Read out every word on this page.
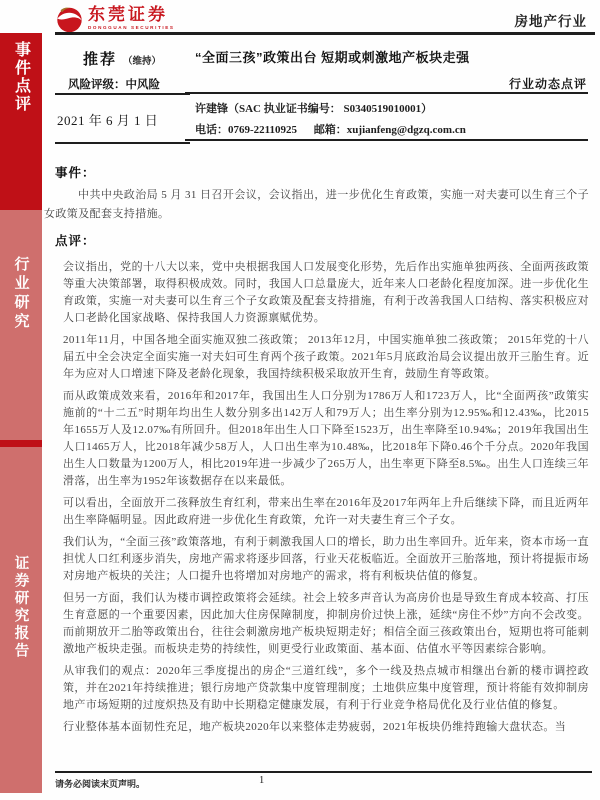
事件点评
行业研究
证券研究报告
东莞证券
DONGGUAN SECURITIES	房地产行业
推荐 （维持）	“全面三孩”政策出台 短期或刺激地产板块走强
风险评级：中风险	行业动态点评
2021 年 6 月 1 日
许建锋（SAC 执业证书编号： S0340519010001）
电话：0769-22110925 邮箱：xujianfeng@dgzq.com.cn
事件：
中共中央政治局 5 月 31 日召开会议，会议指出，进一步优化生育政策，实施一对夫妻可以生育三个子女政策及配套支持措施。
点评：

会议指出，党的十八大以来，党中央根据我国人口发展变化形势，先后作出实施单独两孩、全面两孩政策等重大决策部署，取得积极成效。同时，我国人口总量庞大，近年来人口老龄化程度加深。进一步优化生育政策，实施一对夫妻可以生育三个子女政策及配套支持措施，有利于改善我国人口结构、落实积极应对人口老龄化国家战略、保持我国人力资源禀赋优势。

2011年11月，中国各地全面实施双独二孩政策； 2013年12月，中国实施单独二孩政策； 2015年党的十八届五中全会决定全面实施一对夫妇可生育两个孩子政策。2021年5月底政治局会议提出放开三胎生育。近年为应对人口增速下降及老龄化现象，我国持续积极采取放开生育，鼓励生育等政策。

而从政策成效来看，2016年和2017年，我国出生人口分别为1786万人和1723万人，比“全面两孩”政策实施前的“十二五”时期年均出生人数分别多出142万人和79万人；出生率分别为12.95‰和12.43‰，比2015年1655万人及12.07‰有所回升。但2018年出生人口下降至1523万，出生率降至10.94‰；2019年我国出生人口1465万人，比2018年减少58万人，人口出生率为10.48‰，比2018年下降0.46个千分点。2020年我国出生人口数量为1200万人，相比2019年进一步减少了265万人，出生率更下降至8.5‰。出生人口连续三年滑落，出生率为1952年该数据存在以来最低。

可以看出，全面放开二孩释放生育红利，带来出生率在2016年及2017年两年上升后继续下降，而且近两年出生率降幅明显。因此政府进一步优化生育政策，允许一对夫妻生育三个子女。

我们认为，“全面三孩”政策落地，有利于刺激我国人口的增长，助力出生率回升。近年来，资本市场一直担忧人口红利逐步消失，房地产需求将逐步回落，行业天花板临近。全面放开三胎落地，预计将提振市场对房地产板块的关注；人口提升也将增加对房地产的需求，将有利板块估值的修复。

但另一方面，我们认为楼市调控政策将会延续。社会上较多声音认为高房价也是导致生育成本较高、打压生育意愿的一个重要因素，因此加大住房保障制度，抑制房价过快上涨，延续“房住不炒”方向不会改变。而前期放开二胎等政策出台，往往会刺激房地产板块短期走好；相信全面三孩政策出台，短期也将可能刺激地产板块走强。而板块走势的持续性，则更受行业政策面、基本面、估值水平等因素综合影响。

从审我们的观点：2020年三季度提出的房企“三道红线”，多个一线及热点城市相继出台新的楼市调控政策，并在2021年持续推进；银行房地产贷款集中度管理制度；土地供应集中度管理，预计将能有效抑制房地产市场短期的过度炽热及有助中长期稳定健康发展，有利于行业竞争格局优化及行业估值的修复。

行业整体基本面韧性充足，地产板块2020年以来整体走势疲弱，2021年板块仍维持跑输大盘状态。当

请务必阅读末页声明。	1
